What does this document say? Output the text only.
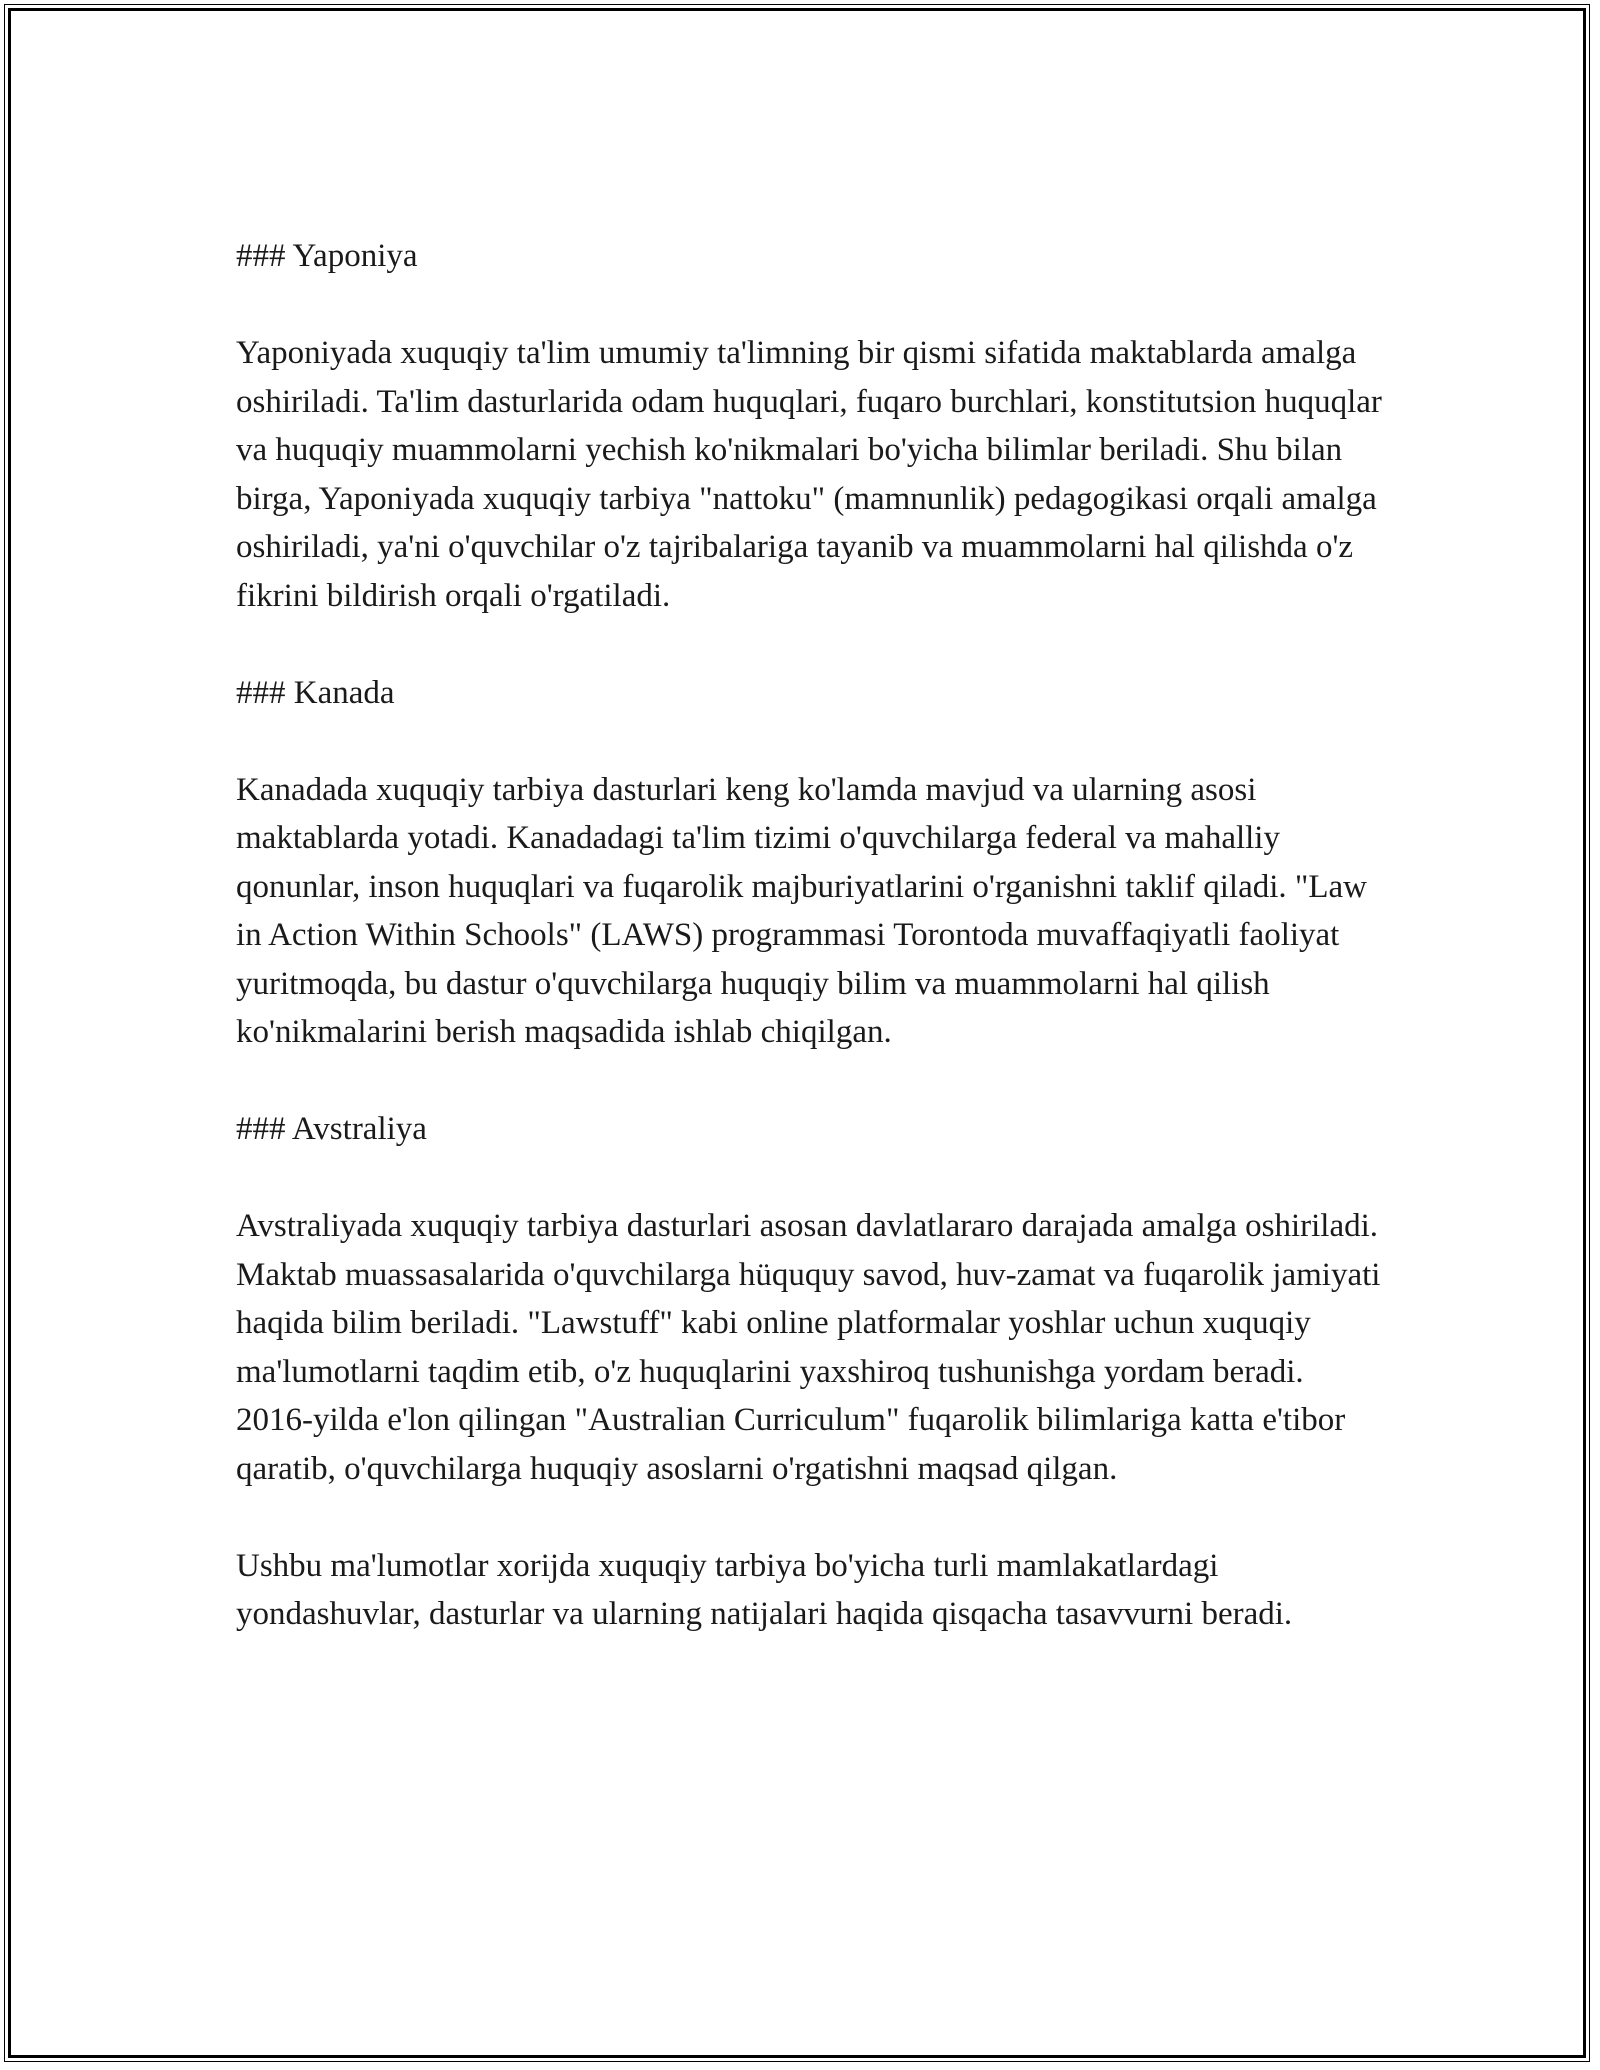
### Yaponiya

Yaponiyada xuquqiy ta'lim umumiy ta'limning bir qismi sifatida maktablarda amalga oshiriladi. Ta'lim dasturlarida odam huquqlari, fuqaro burchlari, konstitutsion huquqlar va huquqiy muammolarni yechish ko'nikmalari bo'yicha bilimlar beriladi. Shu bilan birga, Yaponiyada xuquqiy tarbiya "nattoku" (mamnunlik) pedagogikasi orqali amalga oshiriladi, ya'ni o'quvchilar o'z tajribalariga tayanib va muammolarni hal qilishda o'z fikrini bildirish orqali o'rgatiladi.

### Kanada

Kanadada xuquqiy tarbiya dasturlari keng ko'lamda mavjud va ularning asosi maktablarda yotadi. Kanadadagi ta'lim tizimi o'quvchilarga federal va mahalliy qonunlar, inson huquqlari va fuqarolik majburiyatlarini o'rganishni taklif qiladi. "Law in Action Within Schools" (LAWS) programmasi Torontoda muvaffaqiyatli faoliyat yuritmoqda, bu dastur o'quvchilarga huquqiy bilim va muammolarni hal qilish ko'nikmalarini berish maqsadida ishlab chiqilgan.

### Avstraliya

Avstraliyada xuquqiy tarbiya dasturlari asosan davlatlararo darajada amalga oshiriladi. Maktab muassasalarida o'quvchilarga hüququy savod, huv-zamat va fuqarolik jamiyati haqida bilim beriladi. "Lawstuff" kabi online platformalar yoshlar uchun xuquqiy ma'lumotlarni taqdim etib, o'z huquqlarini yaxshiroq tushunishga yordam beradi. 2016-yilda e'lon qilingan "Australian Curriculum" fuqarolik bilimlariga katta e'tibor qaratib, o'quvchilarga huquqiy asoslarni o'rgatishni maqsad qilgan.

Ushbu ma'lumotlar xorijda xuquqiy tarbiya bo'yicha turli mamlakatlardagi yondashuvlar, dasturlar va ularning natijalari haqida qisqacha tasavvurni beradi.
